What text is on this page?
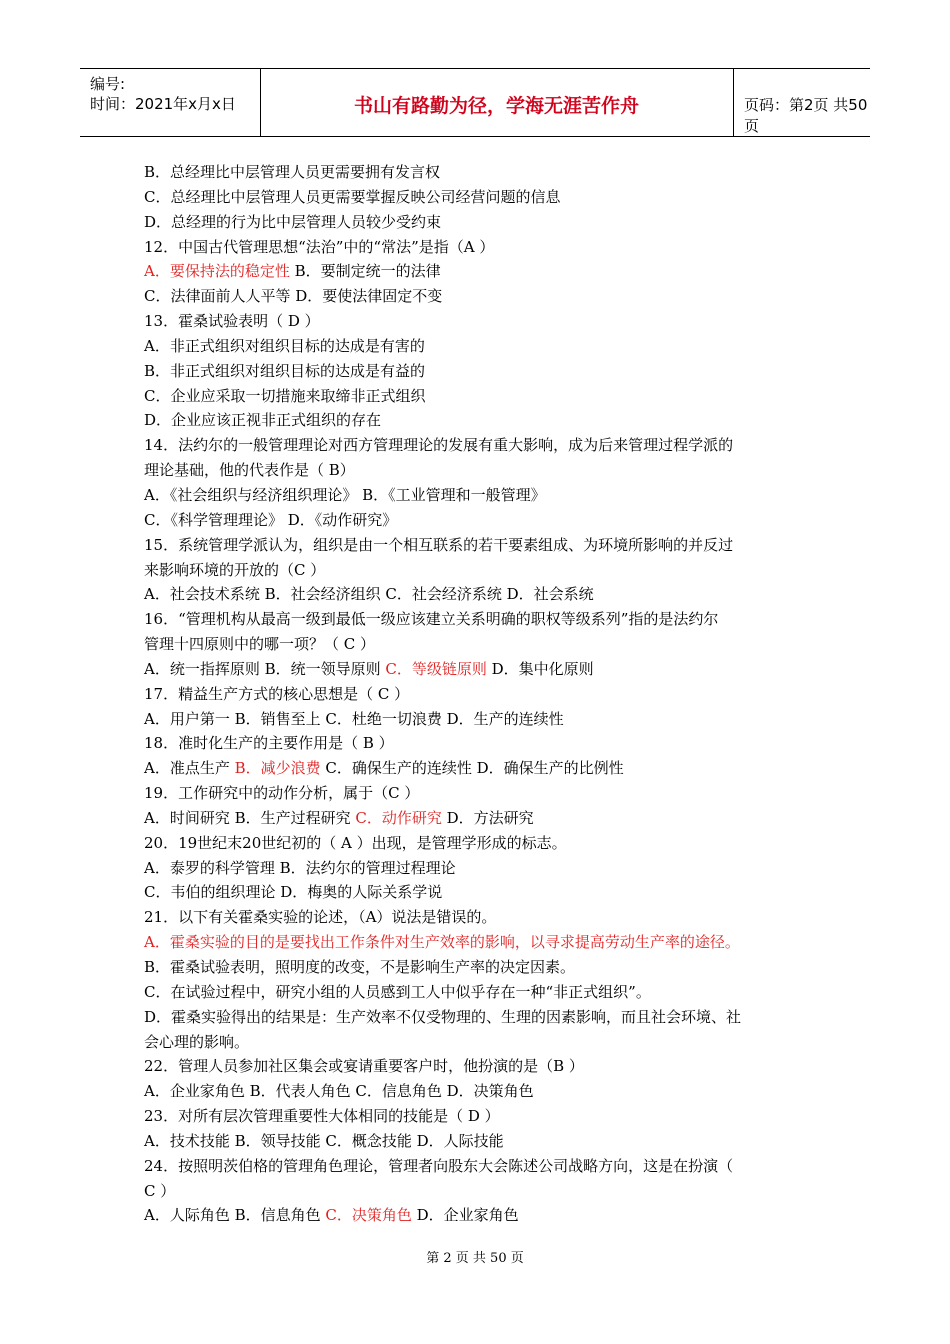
编号:
时间：2021年x月x日	书山有路勤为径，学海无涯苦作舟	页码：第2页 共50页
B．总经理比中层管理人员更需要拥有发言权
C．总经理比中层管理人员更需要掌握反映公司经营问题的信息
D．总经理的行为比中层管理人员较少受约束
12．中国古代管理思想“法治”中的“常法”是指（A ）
A．要保持法的稳定性 B．要制定统一的法律
C．法律面前人人平等 D．要使法律固定不变
13．霍桑试验表明（ D ）
A．非正式组织对组织目标的达成是有害的
B．非正式组织对组织目标的达成是有益的
C．企业应采取一切措施来取缔非正式组织
D．企业应该正视非正式组织的存在
14．法约尔的一般管理理论对西方管理理论的发展有重大影响，成为后来管理过程学派的
理论基础，他的代表作是（ B）
A．《社会组织与经济组织理论》 B．《工业管理和一般管理》
C．《科学管理理论》 D．《动作研究》
15．系统管理学派认为，组织是由一个相互联系的若干要素组成、为环境所影响的并反过
来影响环境的开放的（C ）
A．社会技术系统 B．社会经济组织 C．社会经济系统 D．社会系统
16．“管理机构从最高一级到最低一级应该建立关系明确的职权等级系列”指的是法约尔
管理十四原则中的哪一项？（ C ）
A．统一指挥原则 B．统一领导原则 C．等级链原则 D．集中化原则
17．精益生产方式的核心思想是（ C ）
A．用户第一 B．销售至上 C．杜绝一切浪费 D．生产的连续性
18．准时化生产的主要作用是（ B ）
A．准点生产 B．减少浪费 C．确保生产的连续性 D．确保生产的比例性
19．工作研究中的动作分析，属于（C ）
A．时间研究 B．生产过程研究 C．动作研究 D．方法研究
20．19世纪末20世纪初的（ A ）出现，是管理学形成的标志。
A．泰罗的科学管理 B．法约尔的管理过程理论
C．韦伯的组织理论 D．梅奥的人际关系学说
21．以下有关霍桑实验的论述，（A）说法是错误的。
A．霍桑实验的目的是要找出工作条件对生产效率的影响，以寻求提高劳动生产率的途径。
B．霍桑试验表明，照明度的改变，不是影响生产率的决定因素。
C．在试验过程中，研究小组的人员感到工人中似乎存在一种“非正式组织”。
D．霍桑实验得出的结果是：生产效率不仅受物理的、生理的因素影响，而且社会环境、社
会心理的影响。
22．管理人员参加社区集会或宴请重要客户时，他扮演的是（B ）
A．企业家角色 B．代表人角色 C．信息角色 D．决策角色
23．对所有层次管理重要性大体相同的技能是（ D ）
A．技术技能 B．领导技能 C．概念技能 D．人际技能
24．按照明茨伯格的管理角色理论，管理者向股东大会陈述公司战略方向，这是在扮演（
C ）
A．人际角色 B．信息角色 C．决策角色 D．企业家角色
第 2 页 共 50 页
